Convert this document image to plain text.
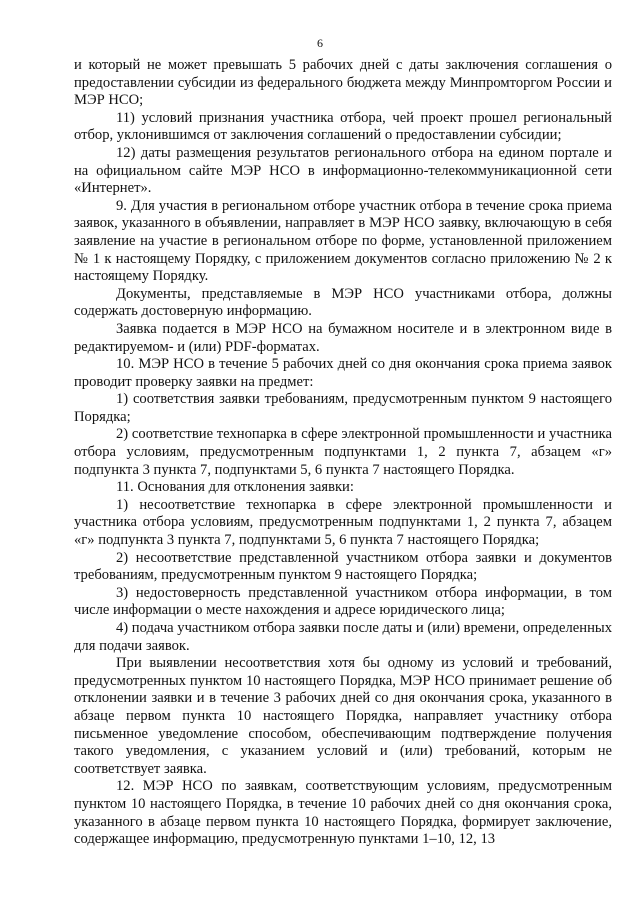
6

и который не может превышать 5 рабочих дней с даты заключения соглашения о предоставлении субсидии из федерального бюджета между Минпромторгом России и МЭР НСО;

11) условий признания участника отбора, чей проект прошел региональный отбор, уклонившимся от заключения соглашений о предоставлении субсидии;

12) даты размещения результатов регионального отбора на едином портале и на официальном сайте МЭР НСО в информационно-телекоммуникационной сети «Интернет».

9. Для участия в региональном отборе участник отбора в течение срока приема заявок, указанного в объявлении, направляет в МЭР НСО заявку, включающую в себя заявление на участие в региональном отборе по форме, установленной приложением № 1 к настоящему Порядку, с приложением документов согласно приложению № 2 к настоящему Порядку.

Документы, представляемые в МЭР НСО участниками отбора, должны содержать достоверную информацию.

Заявка подается в МЭР НСО на бумажном носителе и в электронном виде в редактируемом- и (или) PDF-форматах.

10. МЭР НСО в течение 5 рабочих дней со дня окончания срока приема заявок проводит проверку заявки на предмет:

1) соответствия заявки требованиям, предусмотренным пунктом 9 настоящего Порядка;

2) соответствие технопарка в сфере электронной промышленности и участника отбора условиям, предусмотренным подпунктами 1, 2 пункта 7, абзацем «г» подпункта 3 пункта 7, подпунктами 5, 6 пункта 7 настоящего Порядка.

11. Основания для отклонения заявки:

1) несоответствие технопарка в сфере электронной промышленности и участника отбора условиям, предусмотренным подпунктами 1, 2 пункта 7, абзацем «г» подпункта 3 пункта 7, подпунктами 5, 6 пункта 7 настоящего Порядка;

2) несоответствие представленной участником отбора заявки и документов требованиям, предусмотренным пунктом 9 настоящего Порядка;

3) недостоверность представленной участником отбора информации, в том числе информации о месте нахождения и адресе юридического лица;

4) подача участником отбора заявки после даты и (или) времени, определенных для подачи заявок.

При выявлении несоответствия хотя бы одному из условий и требований, предусмотренных пунктом 10 настоящего Порядка, МЭР НСО принимает решение об отклонении заявки и в течение 3 рабочих дней со дня окончания срока, указанного в абзаце первом пункта 10 настоящего Порядка, направляет участнику отбора письменное уведомление способом, обеспечивающим подтверждение получения такого уведомления, с указанием условий и (или) требований, которым не соответствует заявка.

12. МЭР НСО по заявкам, соответствующим условиям, предусмотренным пунктом 10 настоящего Порядка, в течение 10 рабочих дней со дня окончания срока, указанного в абзаце первом пункта 10 настоящего Порядка, формирует заключение, содержащее информацию, предусмотренную пунктами 1–10, 12, 13
